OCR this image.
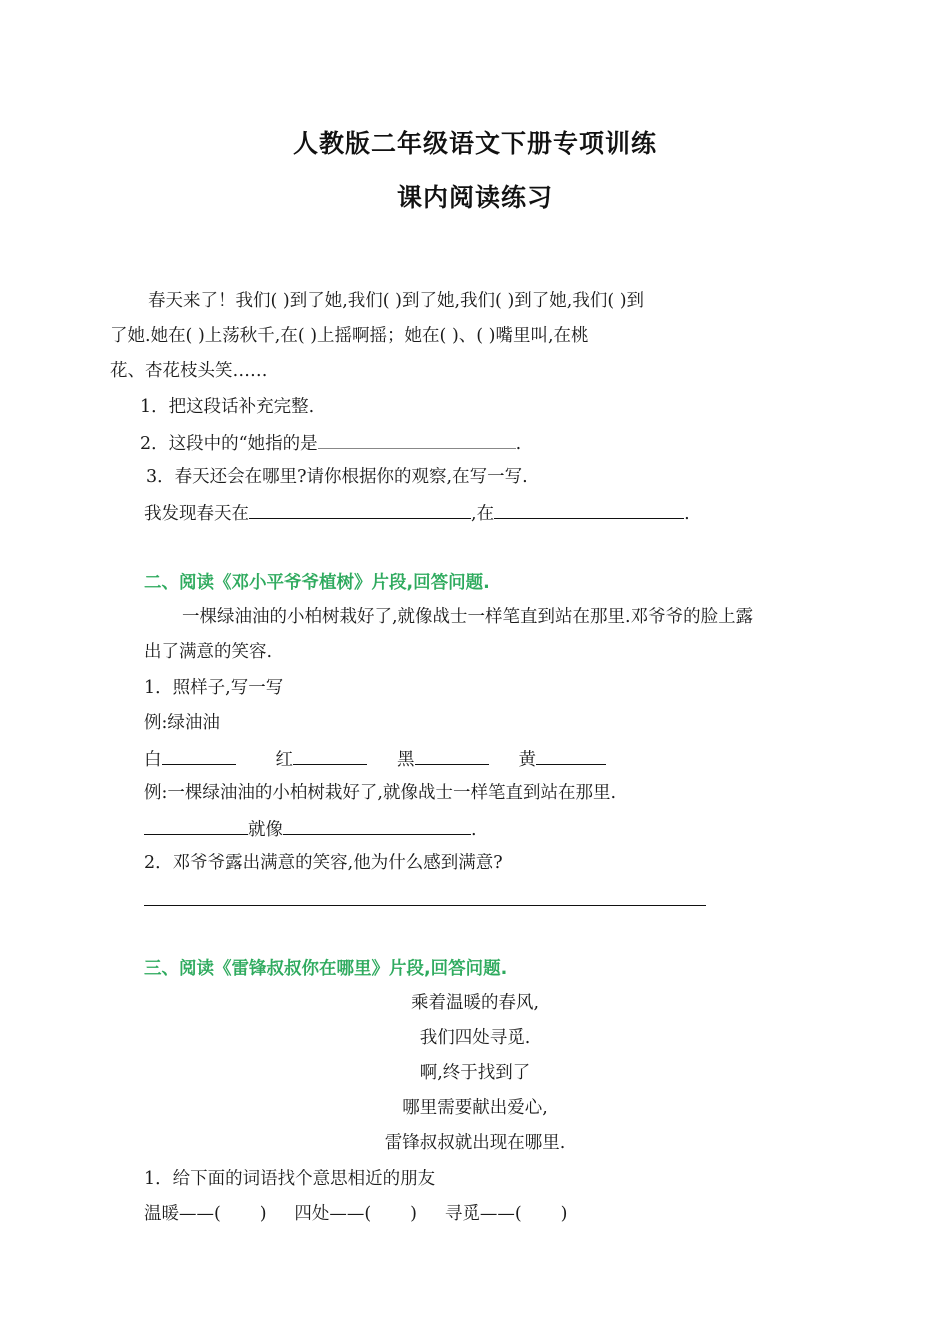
人教版二年级语文下册专项训练
课内阅读练习
春天来了！我们( )到了她,我们( )到了她,我们( )到了她,我们( )到
了她.她在( )上荡秋千,在( )上摇啊摇；她在( )、( )嘴里叫,在桃
花、杏花枝头笑……
1．把这段话补充完整.
2．这段中的“她指的是	.
3．春天还会在哪里?请你根据你的观察,在写一写.
我发现春天在	,在	.
二、阅读《邓小平爷爷植树》片段,回答问题.
一棵绿油油的小柏树栽好了,就像战士一样笔直到站在那里.邓爷爷的脸上露
出了满意的笑容.
1．照样子,写一写
例:绿油油
白	红	黑	黄
例:一棵绿油油的小柏树栽好了,就像战士一样笔直到站在那里.
就像	.
2．邓爷爷露出满意的笑容,他为什么感到满意?
三、阅读《雷锋叔叔你在哪里》片段,回答问题.
乘着温暖的春风,
我们四处寻觅.
啊,终于找到了
哪里需要献出爱心,
雷锋叔叔就出现在哪里.
1．给下面的词语找个意思相近的朋友
温暖——(       )     四处——(       )     寻觅——(       )
